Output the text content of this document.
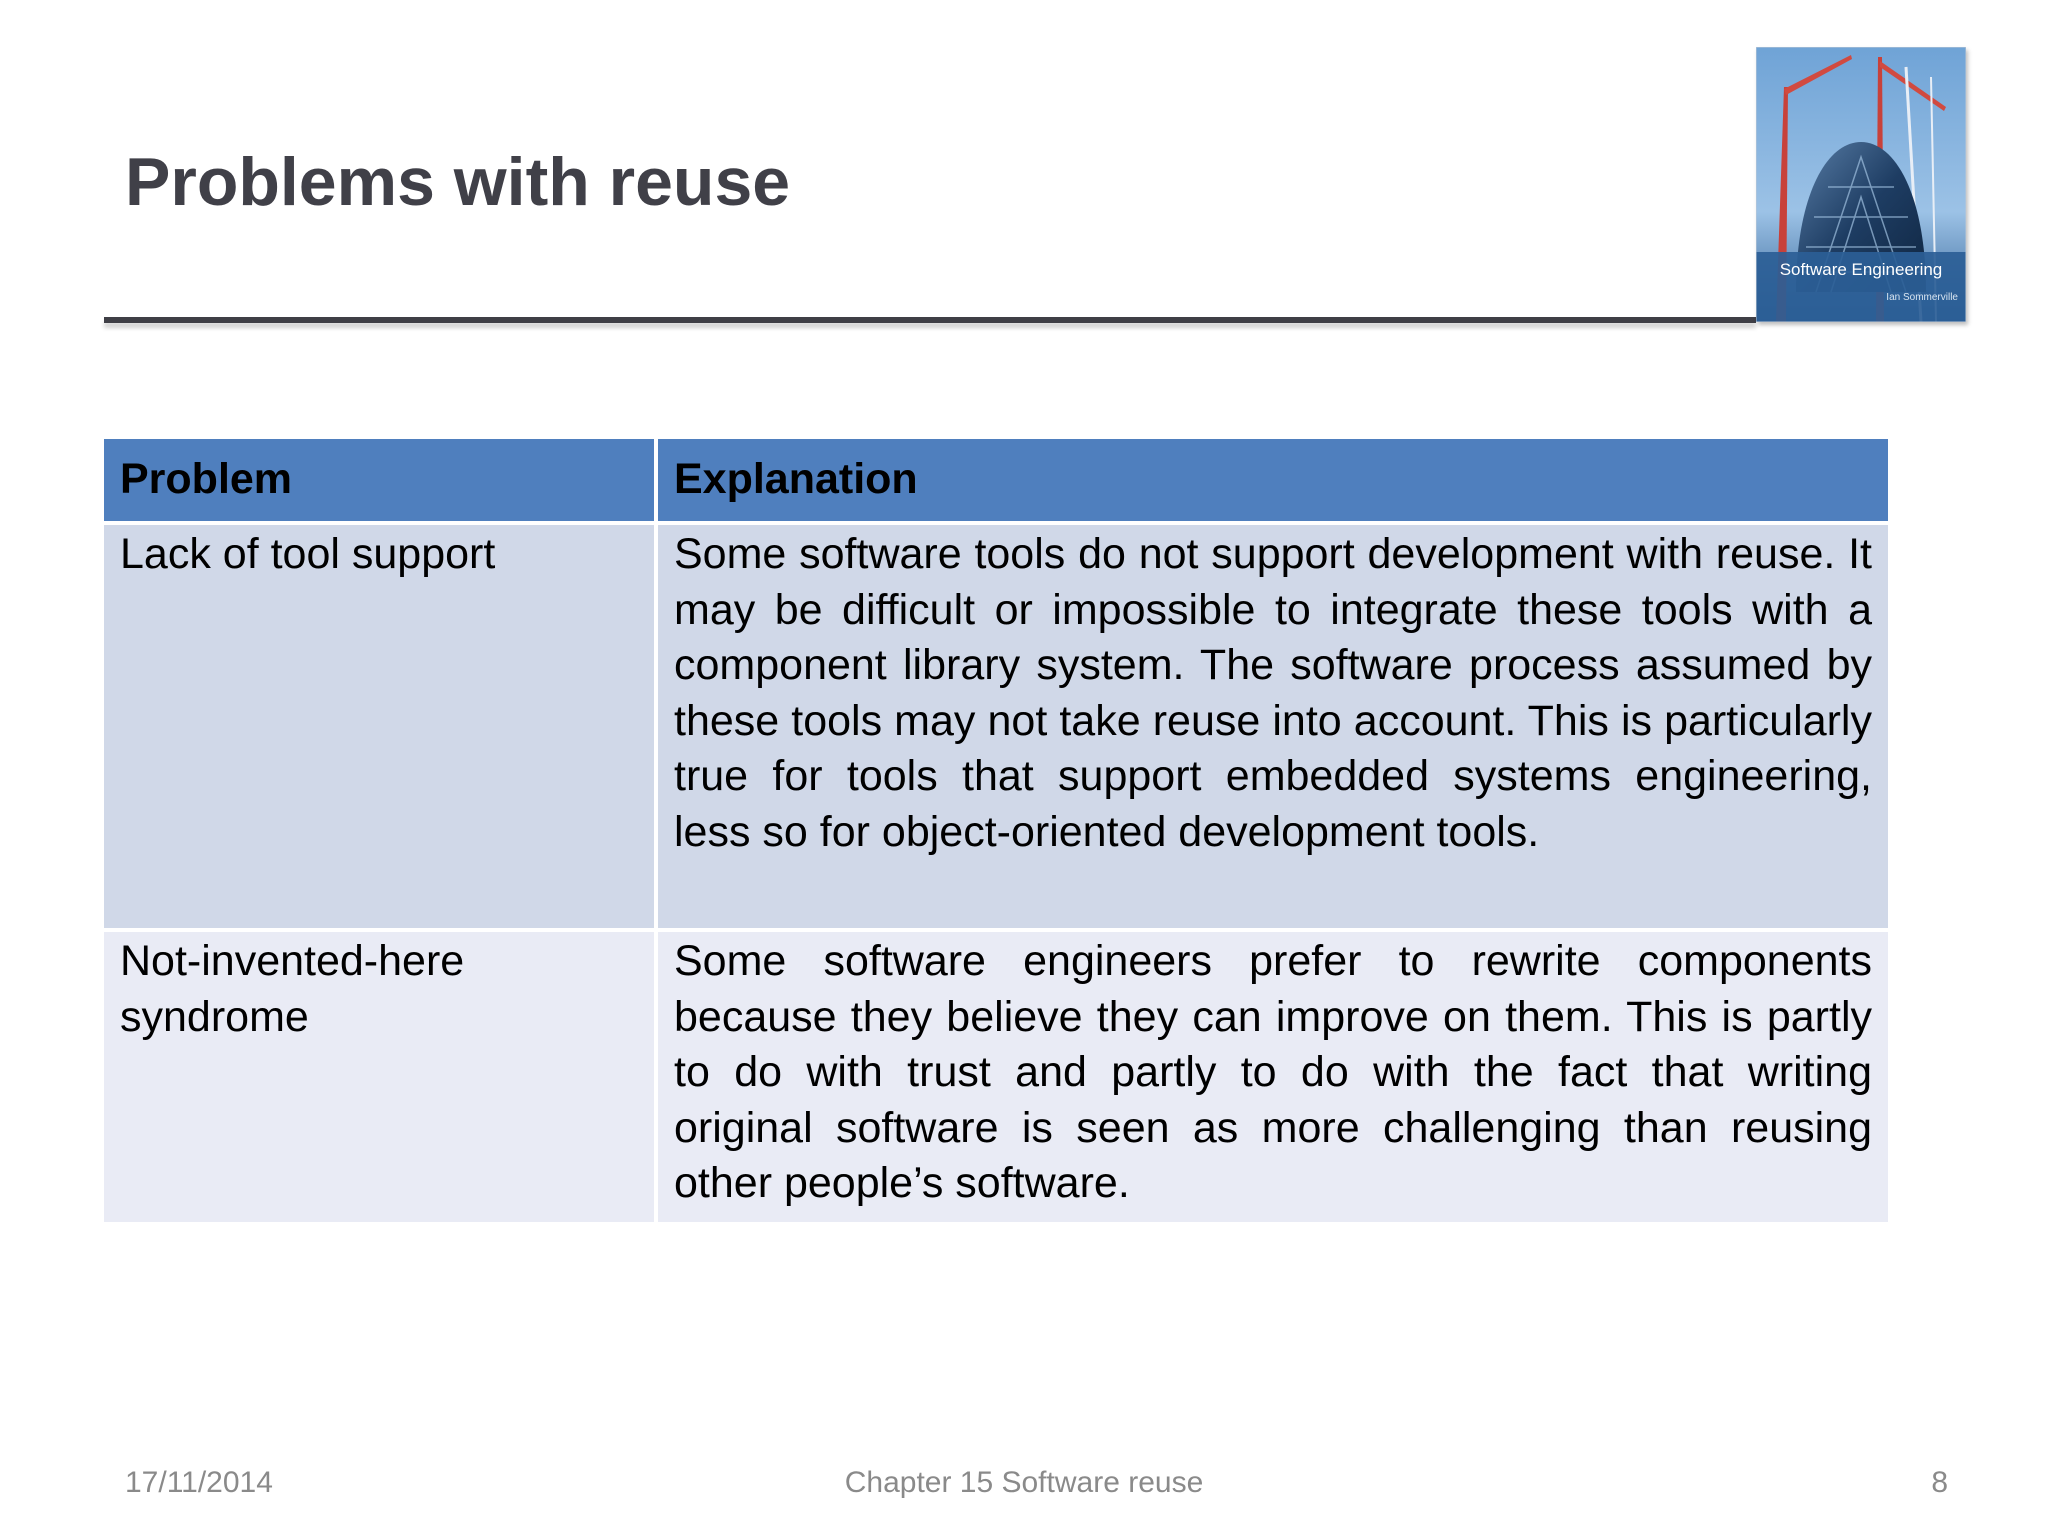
Problems with reuse
Software Engineering
Ian Sommerville
Problem	Explanation
Lack of tool support	Some software tools do not support development with reuse. It may be difficult or impossible to integrate these tools with a component library system. The software process assumed by these tools may not take reuse into account. This is particularly true for tools that support embedded systems engineering, less so for object-oriented development tools.
Not-invented-here syndrome	Some software engineers prefer to rewrite components because they believe they can improve on them. This is partly to do with trust and partly to do with the fact that writing original software is seen as more challenging than reusing other people’s software.
17/11/2014	Chapter 15 Software reuse	8
